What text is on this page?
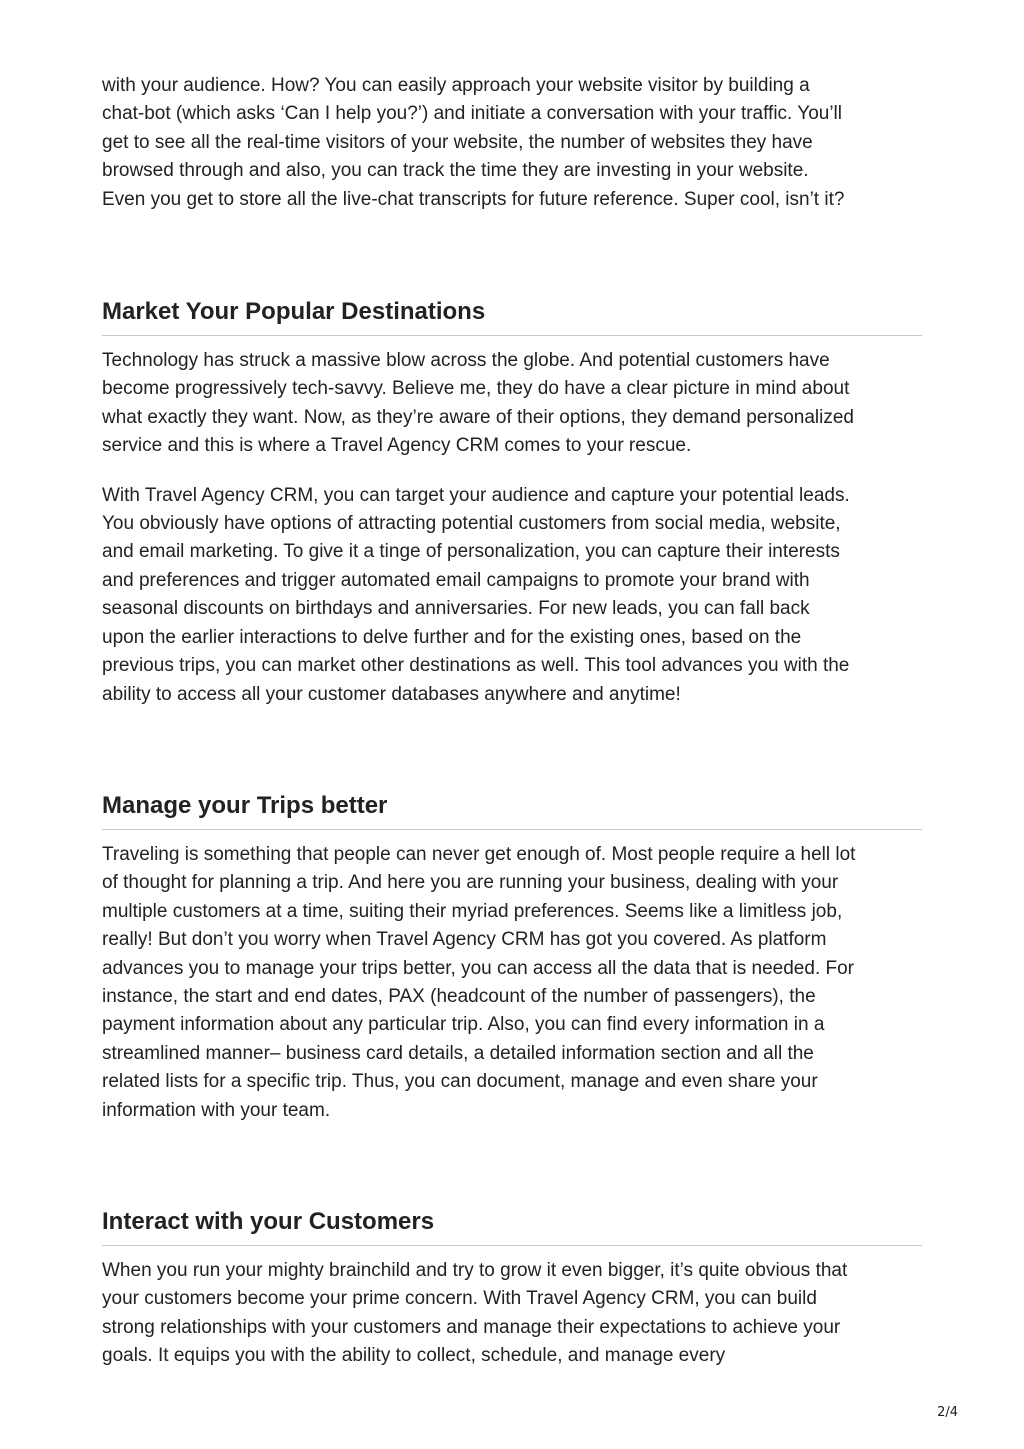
with your audience. How? You can easily approach your website visitor by building a
chat-bot (which asks ‘Can I help you?’) and initiate a conversation with your traffic. You’ll
get to see all the real-time visitors of your website, the number of websites they have
browsed through and also, you can track the time they are investing in your website.
Even you get to store all the live-chat transcripts for future reference. Super cool, isn’t it?

Market Your Popular Destinations

Technology has struck a massive blow across the globe. And potential customers have
become progressively tech-savvy. Believe me, they do have a clear picture in mind about
what exactly they want. Now, as they’re aware of their options, they demand personalized
service and this is where a Travel Agency CRM comes to your rescue.

With Travel Agency CRM, you can target your audience and capture your potential leads.
You obviously have options of attracting potential customers from social media, website,
and email marketing. To give it a tinge of personalization, you can capture their interests
and preferences and trigger automated email campaigns to promote your brand with
seasonal discounts on birthdays and anniversaries. For new leads, you can fall back
upon the earlier interactions to delve further and for the existing ones, based on the
previous trips, you can market other destinations as well. This tool advances you with the
ability to access all your customer databases anywhere and anytime!

Manage your Trips better

Traveling is something that people can never get enough of. Most people require a hell lot
of thought for planning a trip. And here you are running your business, dealing with your
multiple customers at a time, suiting their myriad preferences. Seems like a limitless job,
really! But don’t you worry when Travel Agency CRM has got you covered. As platform
advances you to manage your trips better, you can access all the data that is needed. For
instance, the start and end dates, PAX (headcount of the number of passengers), the
payment information about any particular trip. Also, you can find every information in a
streamlined manner– business card details, a detailed information section and all the
related lists for a specific trip. Thus, you can document, manage and even share your
information with your team.

Interact with your Customers

When you run your mighty brainchild and try to grow it even bigger, it’s quite obvious that
your customers become your prime concern. With Travel Agency CRM, you can build
strong relationships with your customers and manage their expectations to achieve your
goals. It equips you with the ability to collect, schedule, and manage every

2/4
